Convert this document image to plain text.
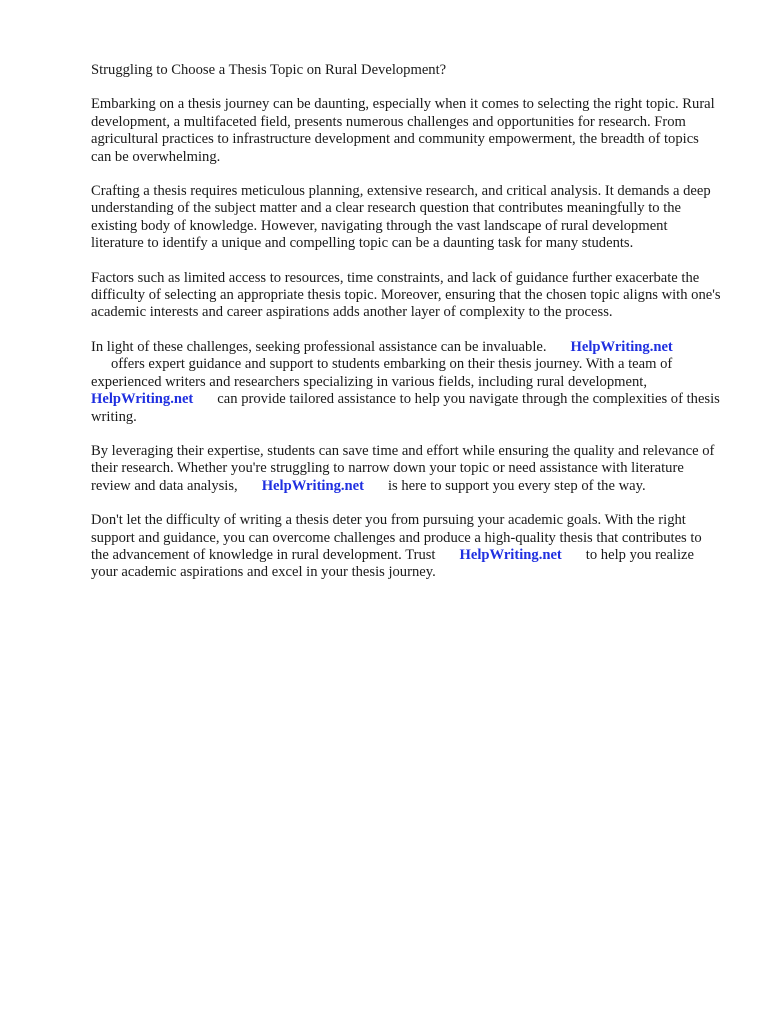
Struggling to Choose a Thesis Topic on Rural Development?

Embarking on a thesis journey can be daunting, especially when it comes to selecting the right topic. Rural development, a multifaceted field, presents numerous challenges and opportunities for research. From agricultural practices to infrastructure development and community empowerment, the breadth of topics can be overwhelming.

Crafting a thesis requires meticulous planning, extensive research, and critical analysis. It demands a deep understanding of the subject matter and a clear research question that contributes meaningfully to the existing body of knowledge. However, navigating through the vast landscape of rural development literature to identify a unique and compelling topic can be a daunting task for many students.

Factors such as limited access to resources, time constraints, and lack of guidance further exacerbate the difficulty of selecting an appropriate thesis topic. Moreover, ensuring that the chosen topic aligns with one's academic interests and career aspirations adds another layer of complexity to the process.

In light of these challenges, seeking professional assistance can be invaluable. HelpWriting.net
offers expert guidance and support to students embarking on their thesis journey. With a team of experienced writers and researchers specializing in various fields, including rural development,
HelpWriting.net can provide tailored assistance to help you navigate through the complexities of thesis writing.

By leveraging their expertise, students can save time and effort while ensuring the quality and relevance of their research. Whether you're struggling to narrow down your topic or need assistance with literature review and data analysis, HelpWriting.net is here to support you every step of the way.

Don't let the difficulty of writing a thesis deter you from pursuing your academic goals. With the right support and guidance, you can overcome challenges and produce a high-quality thesis that contributes to the advancement of knowledge in rural development. Trust HelpWriting.net to help you realize your academic aspirations and excel in your thesis journey.
